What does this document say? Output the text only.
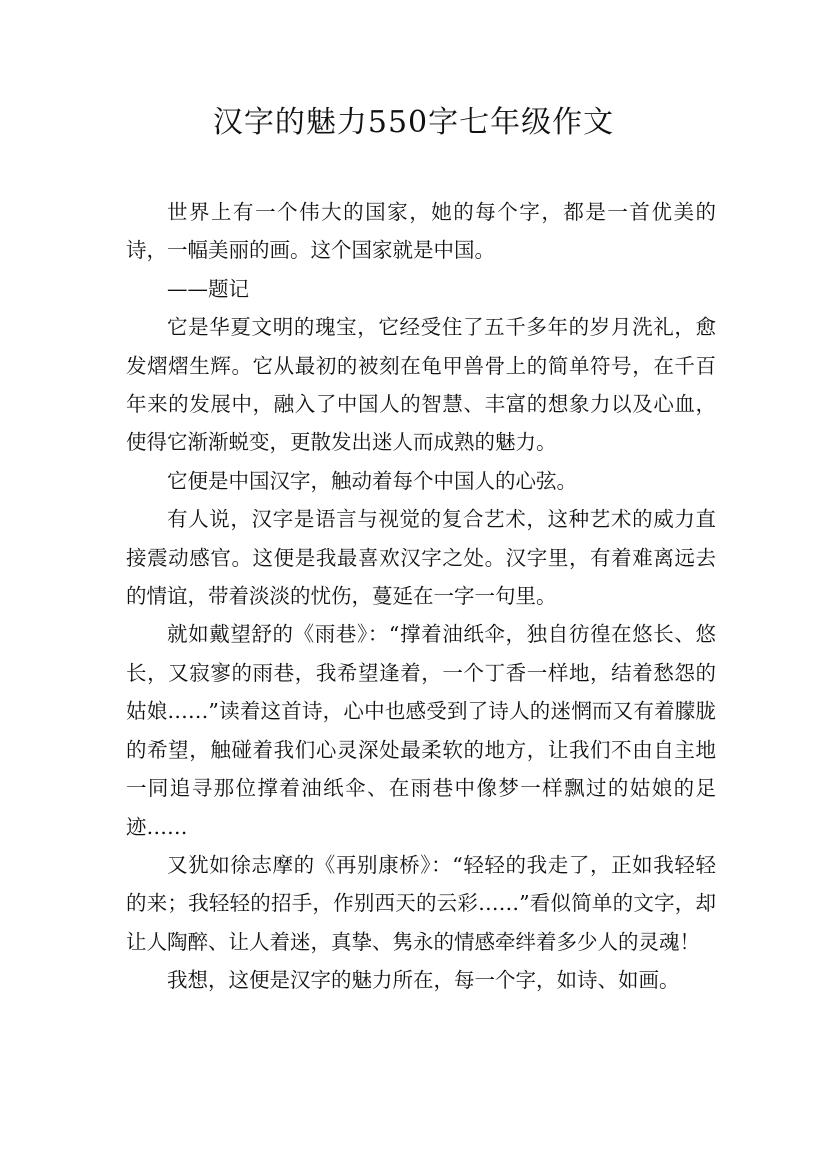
汉字的魅力550字七年级作文

世界上有一个伟大的国家，她的每个字，都是一首优美的诗，一幅美丽的画。这个国家就是中国。

——题记

它是华夏文明的瑰宝，它经受住了五千多年的岁月洗礼，愈发熠熠生辉。它从最初的被刻在龟甲兽骨上的简单符号，在千百年来的发展中，融入了中国人的智慧、丰富的想象力以及心血，使得它渐渐蜕变，更散发出迷人而成熟的魅力。

它便是中国汉字，触动着每个中国人的心弦。

有人说，汉字是语言与视觉的复合艺术，这种艺术的威力直接震动感官。这便是我最喜欢汉字之处。汉字里，有着难离远去的情谊，带着淡淡的忧伤，蔓延在一字一句里。

就如戴望舒的《雨巷》：“撑着油纸伞，独自彷徨在悠长、悠长，又寂寥的雨巷，我希望逢着，一个丁香一样地，结着愁怨的姑娘……”读着这首诗，心中也感受到了诗人的迷惘而又有着朦胧的希望，触碰着我们心灵深处最柔软的地方，让我们不由自主地一同追寻那位撑着油纸伞、在雨巷中像梦一样飘过的姑娘的足迹……

又犹如徐志摩的《再别康桥》：“轻轻的我走了，正如我轻轻的来；我轻轻的招手，作别西天的云彩……”看似简单的文字，却让人陶醉、让人着迷，真挚、隽永的情感牵绊着多少人的灵魂！

我想，这便是汉字的魅力所在，每一个字，如诗、如画。
